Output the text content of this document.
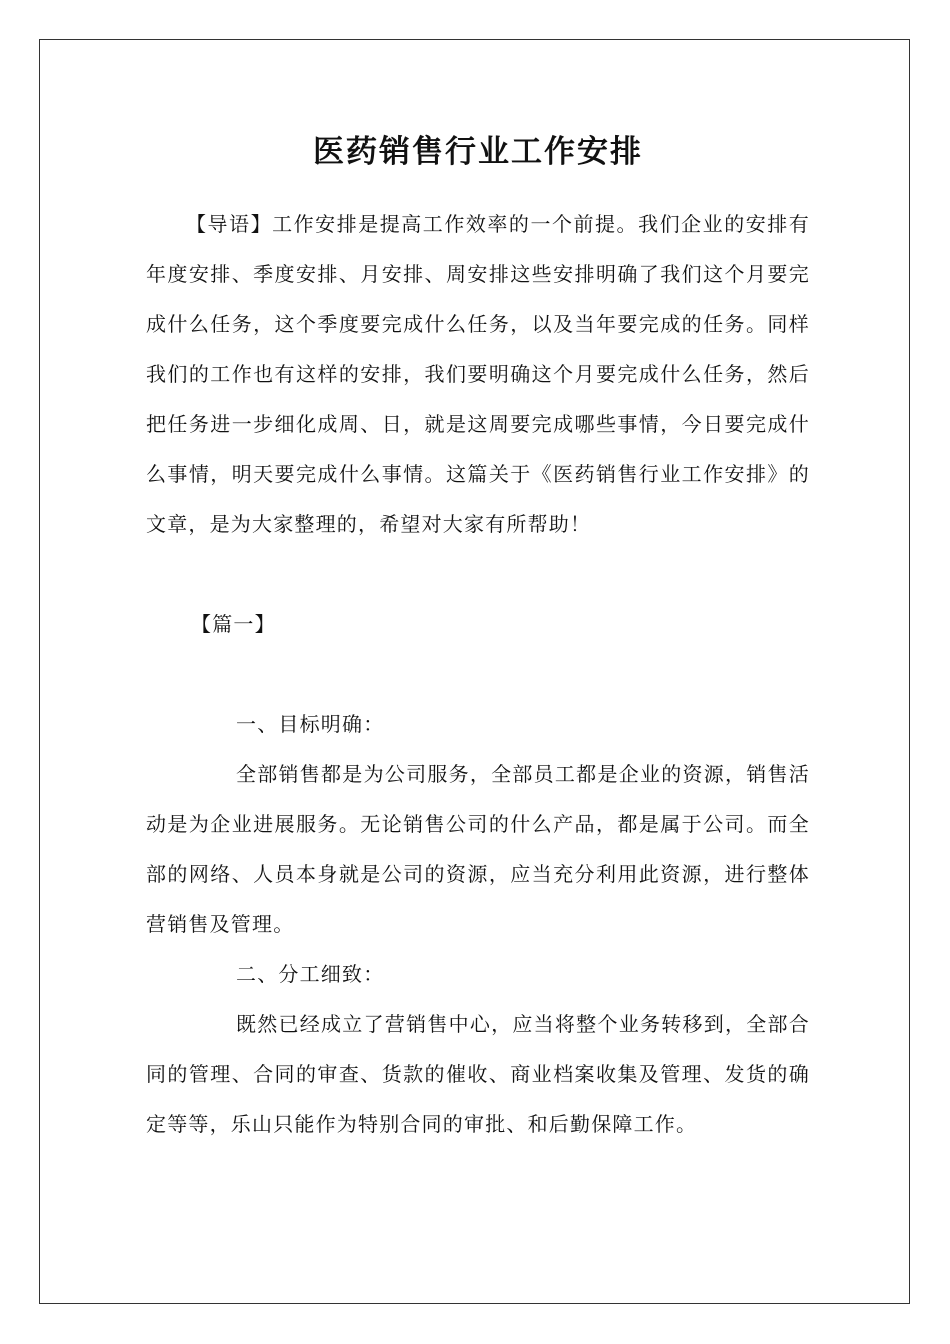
医药销售行业工作安排

【导语】工作安排是提高工作效率的一个前提。我们企业的安排有年度安排、季度安排、月安排、周安排这些安排明确了我们这个月要完成什么任务，这个季度要完成什么任务，以及当年要完成的任务。同样我们的工作也有这样的安排，我们要明确这个月要完成什么任务，然后把任务进一步细化成周、日，就是这周要完成哪些事情，今日要完成什么事情，明天要完成什么事情。这篇关于《医药销售行业工作安排》的文章，是为大家整理的，希望对大家有所帮助！

【篇一】

一、目标明确：

全部销售都是为公司服务，全部员工都是企业的资源，销售活动是为企业进展服务。无论销售公司的什么产品，都是属于公司。而全部的网络、人员本身就是公司的资源，应当充分利用此资源，进行整体营销售及管理。

二、分工细致：

既然已经成立了营销售中心，应当将整个业务转移到，全部合同的管理、合同的审查、货款的催收、商业档案收集及管理、发货的确定等等，乐山只能作为特别合同的审批、和后勤保障工作。
